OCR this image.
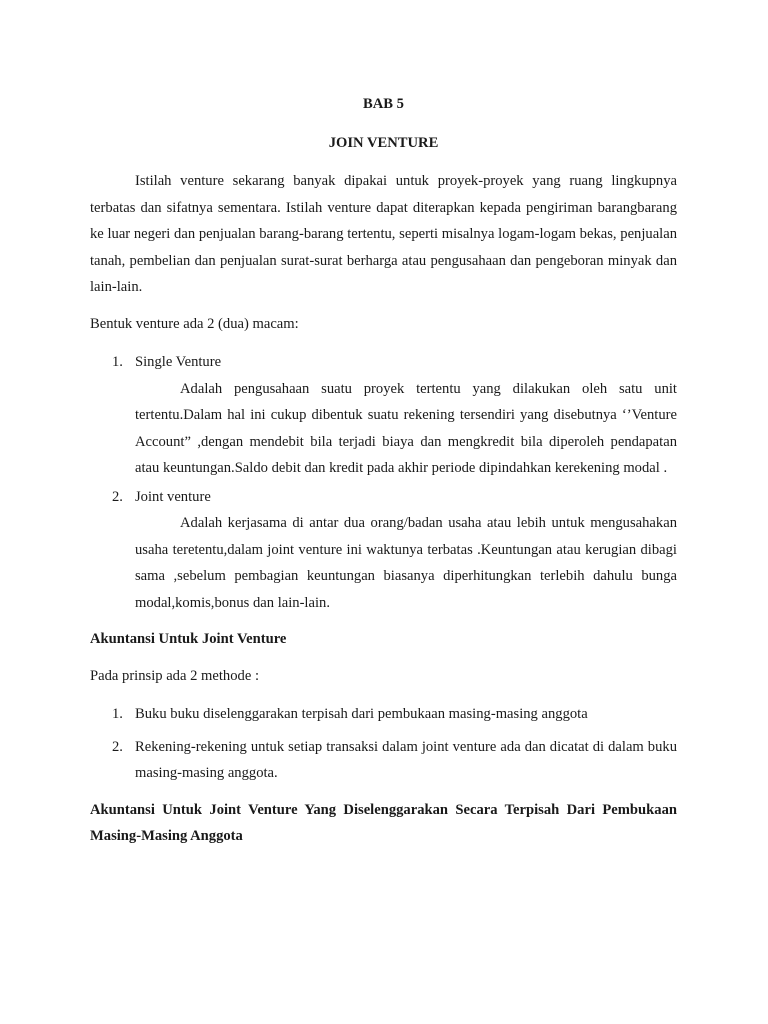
BAB 5
JOIN VENTURE

Istilah venture sekarang banyak dipakai untuk proyek-proyek yang ruang lingkupnya terbatas dan sifatnya sementara. Istilah venture dapat diterapkan kepada pengiriman barangbarang ke luar negeri dan penjualan barang-barang tertentu, seperti misalnya logam-logam bekas, penjualan tanah, pembelian dan penjualan surat-surat berharga atau pengusahaan dan pengeboran minyak dan lain-lain.

Bentuk venture ada 2 (dua) macam:

1. Single Venture

Adalah pengusahaan suatu proyek tertentu yang dilakukan oleh satu unit tertentu.Dalam hal ini cukup dibentuk suatu rekening tersendiri yang disebutnya ‘’Venture Account” ,dengan mendebit bila terjadi biaya dan mengkredit bila diperoleh pendapatan atau keuntungan.Saldo debit dan kredit pada akhir periode dipindahkan kerekening modal .

2. Joint venture

Adalah kerjasama di antar dua orang/badan usaha atau lebih untuk mengusahakan usaha teretentu,dalam joint venture ini waktunya terbatas .Keuntungan atau kerugian dibagi sama ,sebelum pembagian keuntungan biasanya diperhitungkan terlebih dahulu bunga modal,komis,bonus dan lain-lain.

Akuntansi Untuk Joint Venture

Pada prinsip ada 2 methode :

1. Buku buku diselenggarakan terpisah dari pembukaan masing-masing anggota
2. Rekening-rekening untuk setiap transaksi dalam joint venture ada dan dicatat di dalam buku masing-masing anggota.

Akuntansi Untuk Joint Venture Yang Diselenggarakan Secara Terpisah Dari Pembukaan Masing-Masing Anggota
